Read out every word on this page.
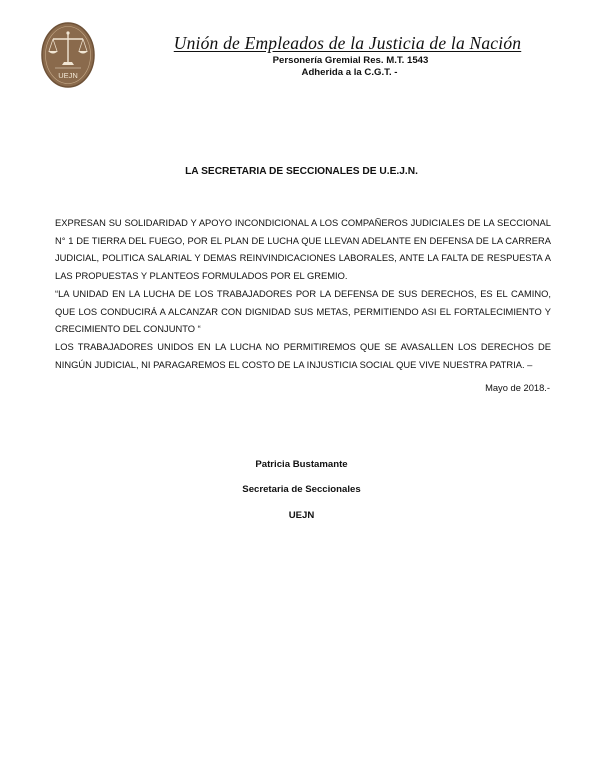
UEJN
Unión de Empleados de la Justicia de la Nación
Personería Gremial Res. M.T. 1543
Adherida a la C.G.T. -
LA SECRETARIA DE SECCIONALES DE U.E.J.N.

EXPRESAN SU SOLIDARIDAD Y APOYO INCONDICIONAL A LOS COMPAÑEROS JUDICIALES DE LA SECCIONAL N° 1 DE TIERRA DEL FUEGO, POR EL PLAN DE LUCHA QUE LLEVAN ADELANTE EN DEFENSA DE LA CARRERA JUDICIAL, POLITICA SALARIAL Y DEMAS REINVINDICACIONES LABORALES, ANTE LA FALTA DE RESPUESTA A LAS PROPUESTAS Y PLANTEOS FORMULADOS POR EL GREMIO.

“LA UNIDAD EN LA LUCHA DE LOS TRABAJADORES POR LA DEFENSA DE SUS DERECHOS, ES EL CAMINO, QUE LOS CONDUCIRÁ A ALCANZAR CON DIGNIDAD SUS METAS, PERMITIENDO ASI EL FORTALECIMIENTO Y CRECIMIENTO DEL CONJUNTO “

LOS TRABAJADORES UNIDOS EN LA LUCHA NO PERMITIREMOS QUE SE AVASALLEN LOS DERECHOS DE NINGÚN JUDICIAL, NI PARAGAREMOS EL COSTO DE LA INJUSTICIA SOCIAL QUE VIVE NUESTRA PATRIA. –

Mayo de 2018.-
Patricia Bustamante
Secretaria de Seccionales
UEJN
